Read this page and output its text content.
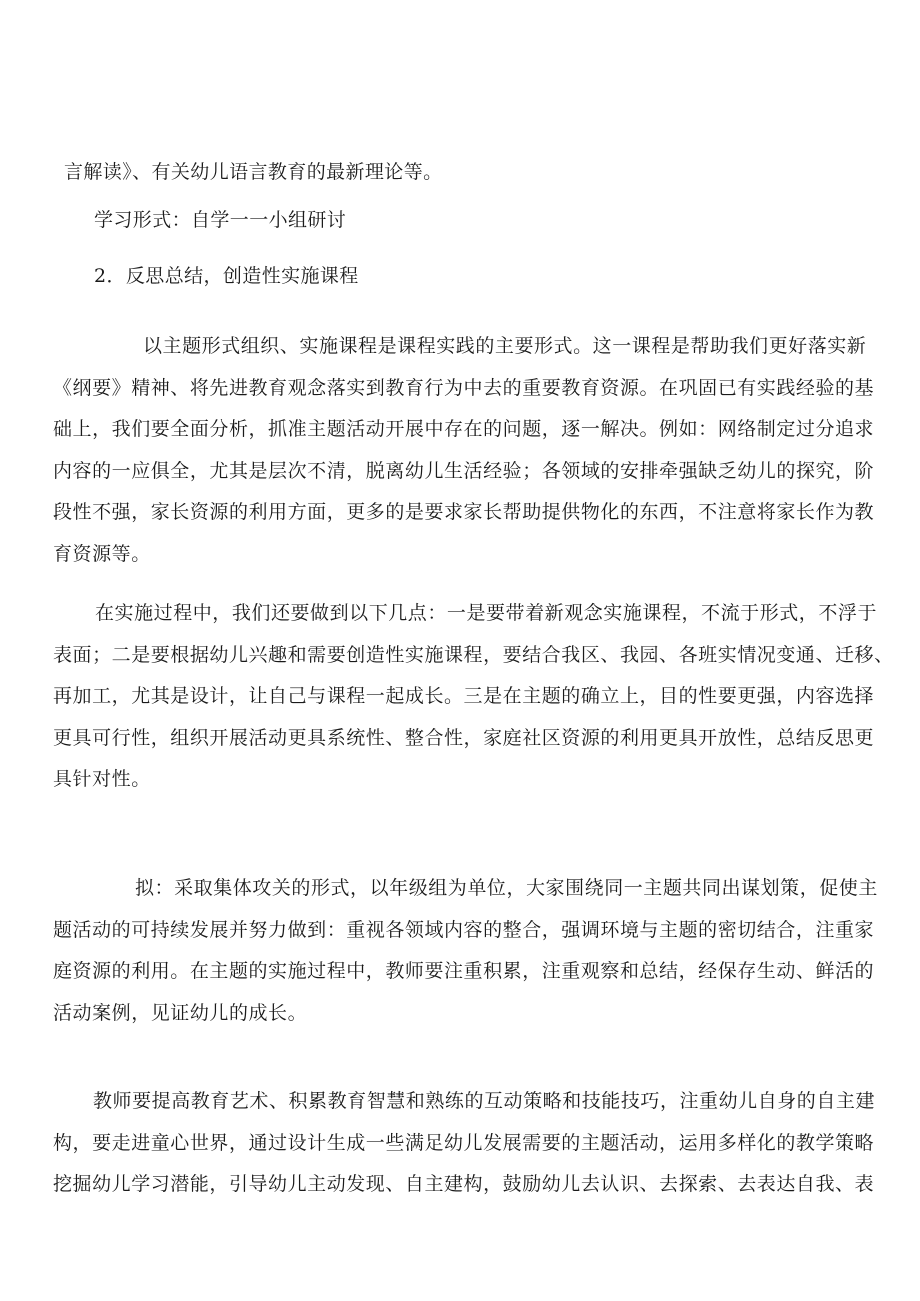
言解读》、有关幼儿语言教育的最新理论等。
学习形式：自学一一小组研讨
2．反思总结，创造性实施课程
以主题形式组织、实施课程是课程实践的主要形式。这一课程是帮助我们更好落实新
《纲要》精神、将先进教育观念落实到教育行为中去的重要教育资源。在巩固已有实践经验的基
础上，我们要全面分析，抓准主题活动开展中存在的问题，逐一解决。例如：网络制定过分追求
内容的一应俱全，尤其是层次不清，脱离幼儿生活经验；各领域的安排牵强缺乏幼儿的探究，阶
段性不强，家长资源的利用方面，更多的是要求家长帮助提供物化的东西，不注意将家长作为教
育资源等。
在实施过程中，我们还要做到以下几点：一是要带着新观念实施课程，不流于形式，不浮于
表面；二是要根据幼儿兴趣和需要创造性实施课程，要结合我区、我园、各班实情况变通、迁移、
再加工，尤其是设计，让自己与课程一起成长。三是在主题的确立上，目的性要更强，内容选择
更具可行性，组织开展活动更具系统性、整合性，家庭社区资源的利用更具开放性，总结反思更
具针对性。
拟：采取集体攻关的形式，以年级组为单位，大家围绕同一主题共同出谋划策，促使主
题活动的可持续发展并努力做到：重视各领域内容的整合，强调环境与主题的密切结合，注重家
庭资源的利用。在主题的实施过程中，教师要注重积累，注重观察和总结，经保存生动、鲜活的
活动案例，见证幼儿的成长。
教师要提高教育艺术、积累教育智慧和熟练的互动策略和技能技巧，注重幼儿自身的自主建
构，要走进童心世界，通过设计生成一些满足幼儿发展需要的主题活动，运用多样化的教学策略
挖掘幼儿学习潜能，引导幼儿主动发现、自主建构，鼓励幼儿去认识、去探索、去表达自我、表
